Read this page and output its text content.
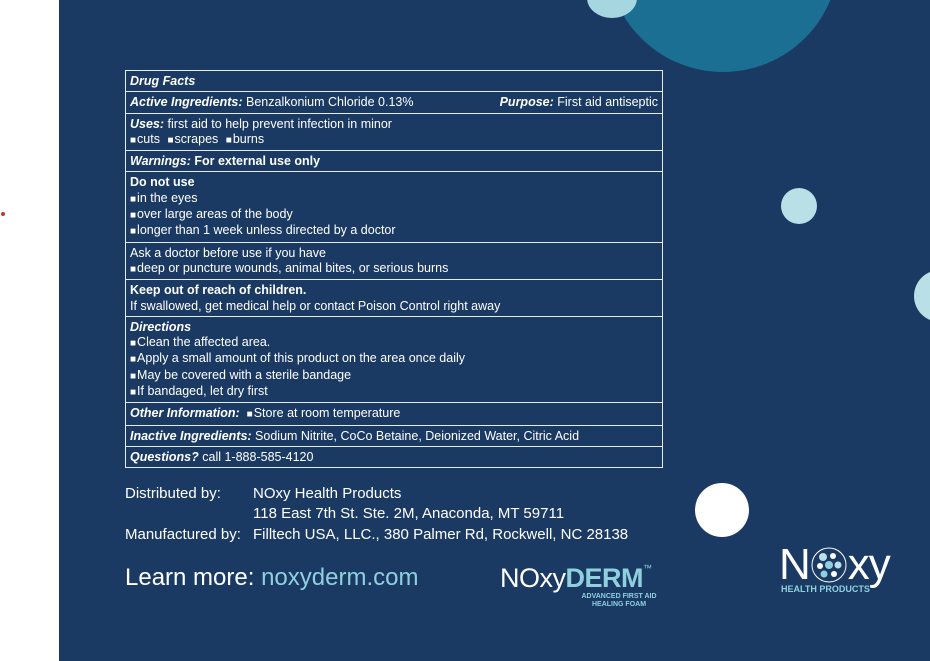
Drug Facts
Active Ingredients: Benzalkonium Chloride 0.13%	Purpose: First aid antiseptic
Uses: first aid to help prevent infection in minor
■ cuts ■ scrapes ■ burns
Warnings: For external use only
Do not use
■ in the eyes
■ over large areas of the body
■ longer than 1 week unless directed by a doctor
Ask a doctor before use if you have
■ deep or puncture wounds, animal bites, or serious burns
Keep out of reach of children.
If swallowed, get medical help or contact Poison Control right away
Directions
■ Clean the affected area.
■ Apply a small amount of this product on the area once daily
■ May be covered with a sterile bandage
■ If bandaged, let dry first
Other Information: ■ Store at room temperature
Inactive Ingredients: Sodium Nitrite, CoCo Betaine, Deionized Water, Citric Acid
Questions? call 1-888-585-4120
Distributed by: NOxy Health Products
118 East 7th St. Ste. 2M, Anaconda, MT 59711
Manufactured by: Filltech USA, LLC., 380 Palmer Rd, Rockwell, NC 28138
Learn more: noxyderm.com	NOxyDERM™
ADVANCED FIRST AID HEALING FOAM
N xy
HEALTH PRODUCTS
